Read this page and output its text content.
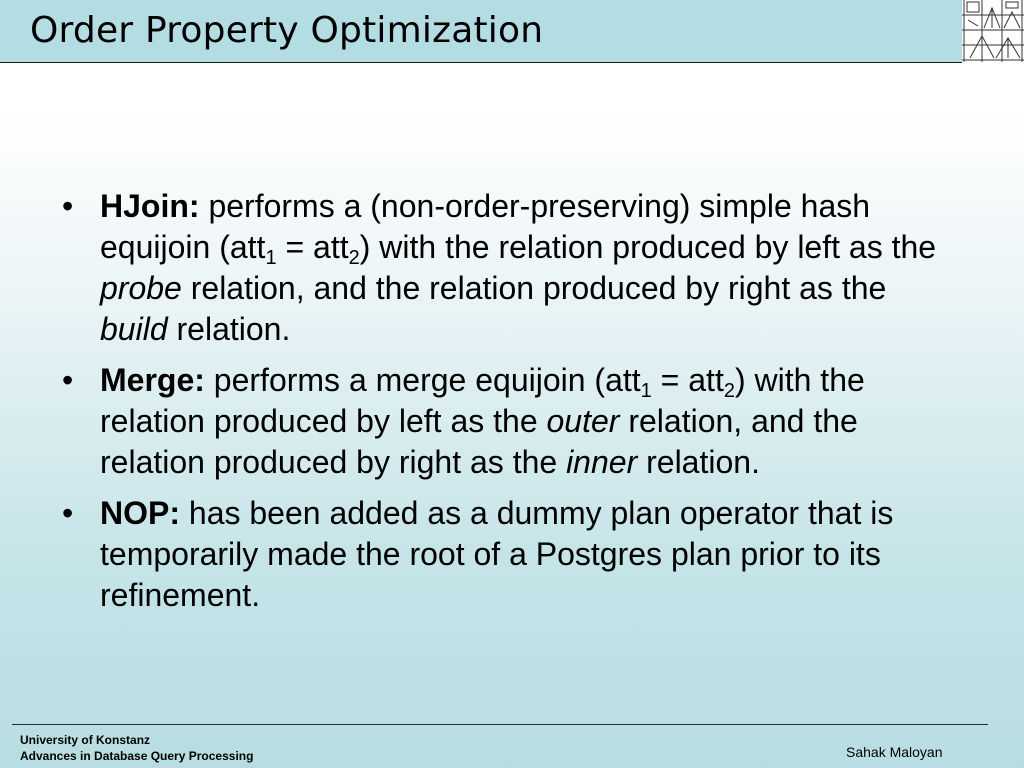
Order Property Optimization
• HJoin: performs a (non-order-preserving) simple hash equijoin (att$_1$ = att$_2$) with the relation produced by left as the probe relation, and the relation produced by right as the build relation.
• Merge: performs a merge equijoin (att$_1$ = att$_2$) with the relation produced by left as the outer relation, and the relation produced by right as the inner relation.
• NOP: has been added as a dummy plan operator that is temporarily made the root of a Postgres plan prior to its refinement.
University of Konstanz
Advances in Database Query Processing	Sahak Maloyan
